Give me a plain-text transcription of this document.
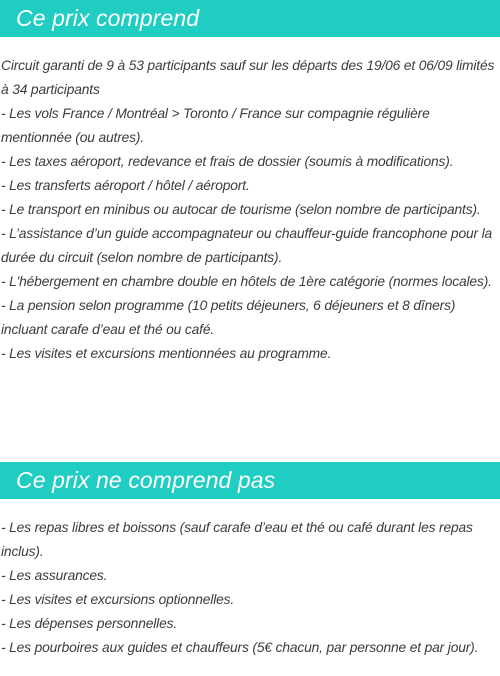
Ce prix comprend

Circuit garanti de 9 à 53 participants sauf sur les départs des 19/06 et 06/09 limités à 34 participants

- Les vols France / Montréal > Toronto / France sur compagnie régulière mentionnée (ou autres).

- Les taxes aéroport, redevance et frais de dossier (soumis à modifications).

- Les transferts aéroport / hôtel / aéroport.

- Le transport en minibus ou autocar de tourisme (selon nombre de participants).

- L’assistance d’un guide accompagnateur ou chauffeur-guide francophone pour la durée du circuit (selon nombre de participants).

- L'hébergement en chambre double en hôtels de 1ère catégorie (normes locales).

- La pension selon programme (10 petits déjeuners, 6 déjeuners et 8 dîners) incluant carafe d’eau et thé ou café.

- Les visites et excursions mentionnées au programme.

Ce prix ne comprend pas

- Les repas libres et boissons (sauf carafe d’eau et thé ou café durant les repas inclus).

- Les assurances.

- Les visites et excursions optionnelles.

- Les dépenses personnelles.

- Les pourboires aux guides et chauffeurs (5€ chacun, par personne et par jour).
